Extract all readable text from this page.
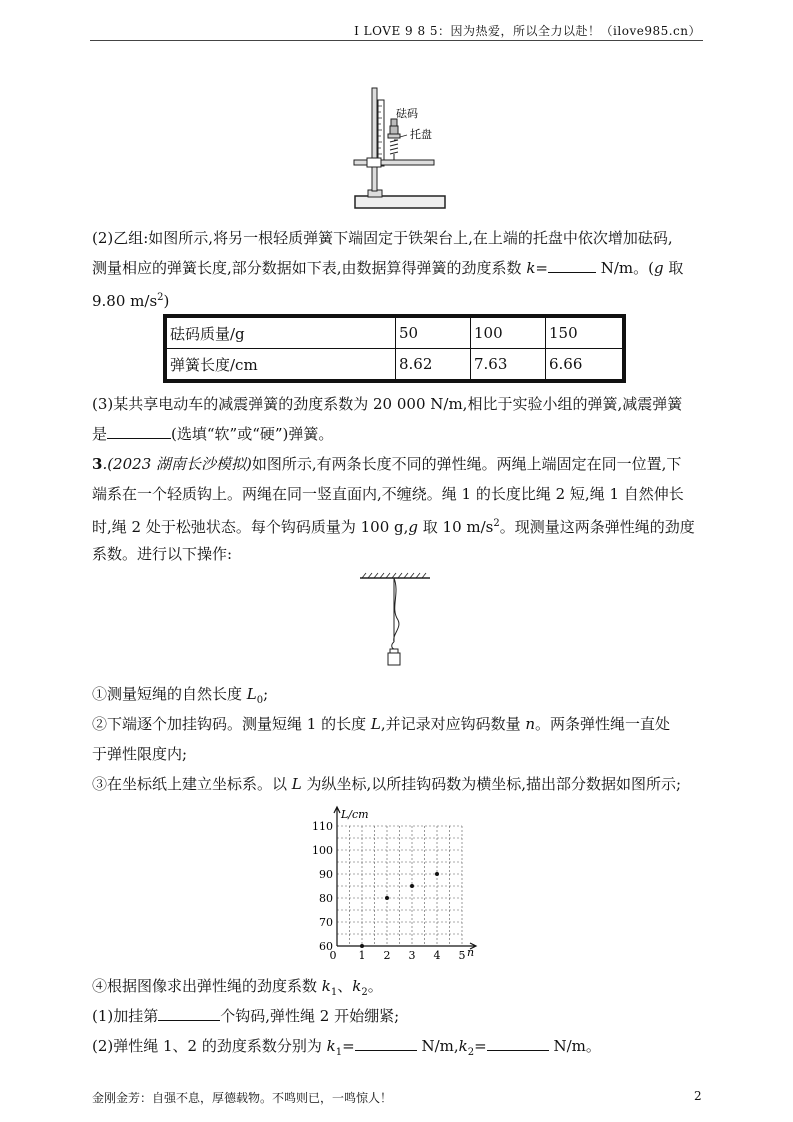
I LOVE 9 8 5：因为热爱，所以全力以赴！（ilove985.cn）
砝码
托盘
(2)乙组:如图所示,将另一根轻质弹簧下端固定于铁架台上,在上端的托盘中依次增加砝码,
测量相应的弹簧长度,部分数据如下表,由数据算得弹簧的劲度系数 k=	N/m。(g 取
9.80 $m/s^2$)
砝码质量/g	50	100	150
弹簧长度/cm	8.62	7.63	6.66
(3)某共享电动车的减震弹簧的劲度系数为 20 000 N/m,相比于实验小组的弹簧,减震弹簧
是	(选填“软”或“硬”)弹簧。
3.(2023 湖南长沙模拟)如图所示,有两条长度不同的弹性绳。两绳上端固定在同一位置,下
端系在一个轻质钩上。两绳在同一竖直面内,不缠绕。绳 1 的长度比绳 2 短,绳 1 自然伸长
时,绳 2 处于松弛状态。每个钩码质量为 100 g,g 取 10 $m/s^2$。现测量这两条弹性绳的劲度
系数。进行以下操作:
①测量短绳的自然长度 $L_0$;
②下端逐个加挂钩码。测量短绳 1 的长度 L,并记录对应钩码数量 n。两条弹性绳一直处
于弹性限度内;
③在坐标纸上建立坐标系。以 L 为纵坐标,以所挂钩码数为横坐标,描出部分数据如图所示;
0 1 2 3 4 5
60
70
80
90
100
110
L/cm
n
④根据图像求出弹性绳的劲度系数 $k_1$、$k_2$。
(1)加挂第	个钩码,弹性绳 2 开始绷紧;
(2)弹性绳 1、2 的劲度系数分别为 $k_1=$	$N/m,k_2=$	N/m。
金刚金芳：自强不息，厚德载物。不鸣则已，一鸣惊人！	2
